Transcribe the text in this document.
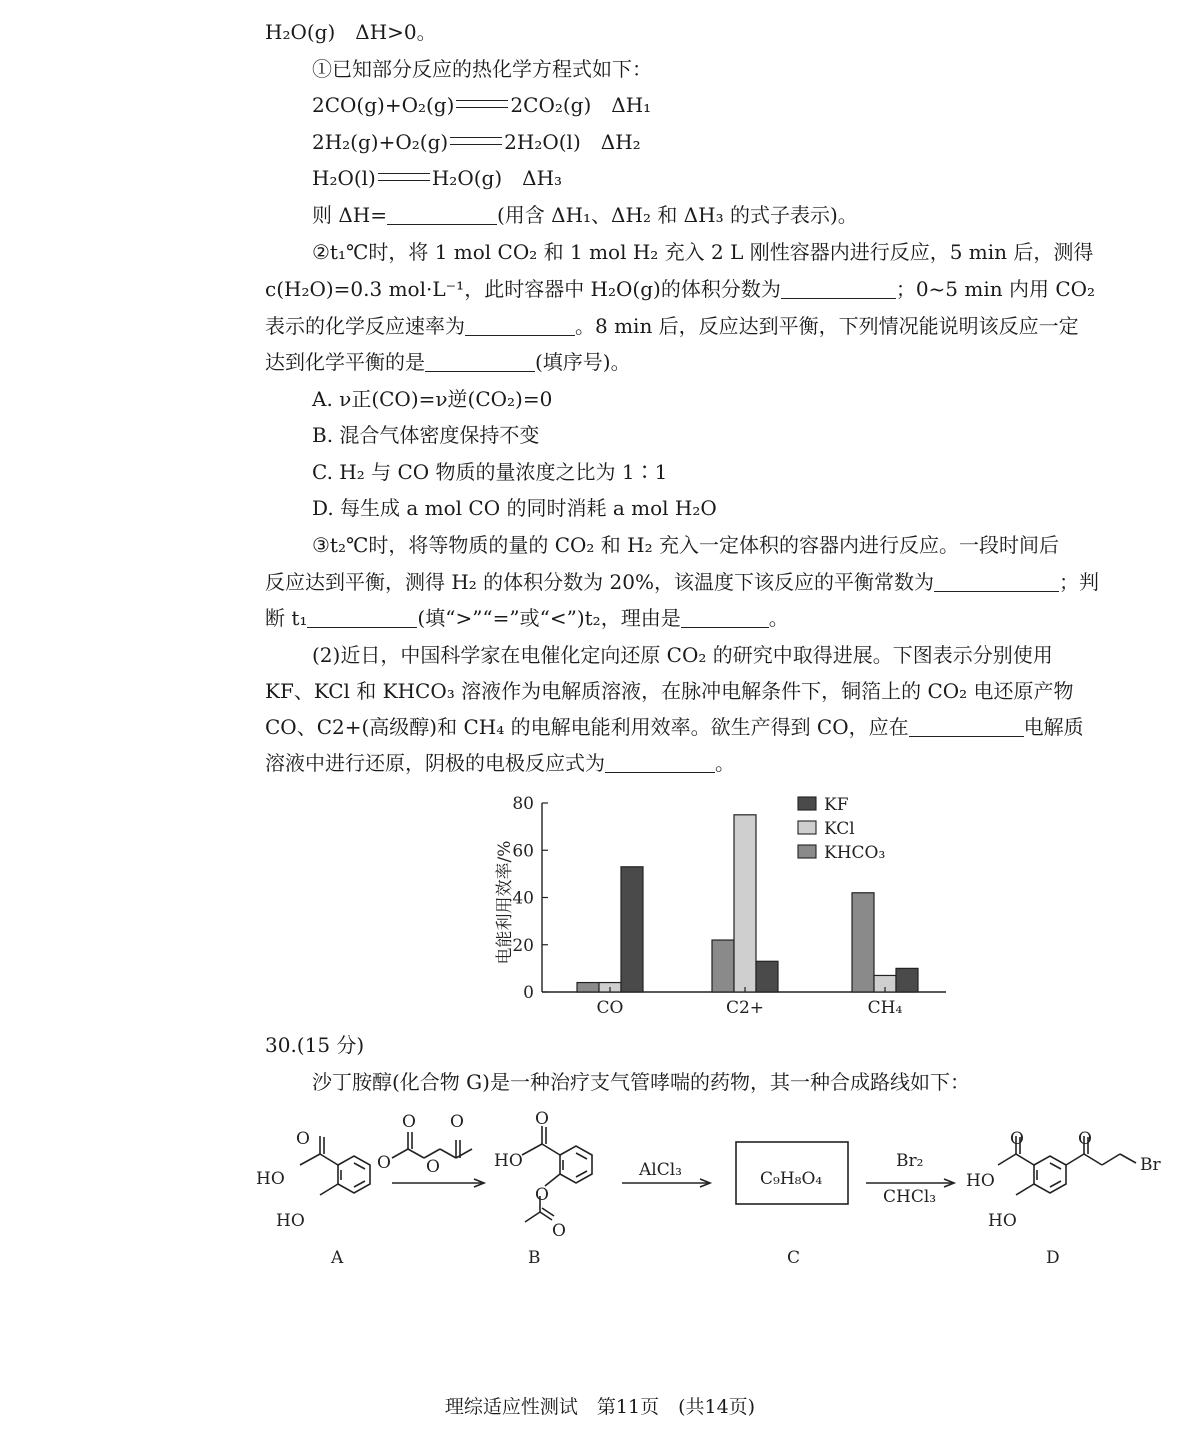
H₂O(g)　ΔH>0。
①已知部分反应的热化学方程式如下：
2CO(g)+O₂(g)	2CO₂(g)　ΔH₁
2H₂(g)+O₂(g)	2H₂O(l)　ΔH₂
H₂O(l)	H₂O(g)　ΔH₃
则 ΔH=	(用含 ΔH₁、ΔH₂ 和 ΔH₃ 的式子表示)。
②t₁℃时，将 1 mol CO₂ 和 1 mol H₂ 充入 2 L 刚性容器内进行反应，5 min 后，测得
c(H₂O)=0.3 mol·L⁻¹，此时容器中 H₂O(g)的体积分数为	；0~5 min 内用 CO₂
表示的化学反应速率为	。8 min 后，反应达到平衡，下列情况能说明该反应一定
达到化学平衡的是	(填序号)。
A. ν正(CO)=ν逆(CO₂)=0
B. 混合气体密度保持不变
C. H₂ 与 CO 物质的量浓度之比为 1∶1
D. 每生成 a mol CO 的同时消耗 a mol H₂O
③t₂℃时，将等物质的量的 CO₂ 和 H₂ 充入一定体积的容器内进行反应。一段时间后
反应达到平衡，测得 H₂ 的体积分数为 20%，该温度下该反应的平衡常数为	；判
断 t₁	(填“>”“=”或“<”)t₂，理由是	。
(2)近日，中国科学家在电催化定向还原 CO₂ 的研究中取得进展。下图表示分别使用
KF、KCl 和 KHCO₃ 溶液作为电解质溶液，在脉冲电解条件下，铜箔上的 CO₂ 电还原产物
CO、C2+(高级醇)和 CH₄ 的电解电能利用效率。欲生产得到 CO，应在	电解质
溶液中进行还原，阴极的电极反应式为	。
0
20
40
60
80
电能利用效率/%
CO	C2+	CH₄
KF
KCl
KHCO₃
30.(15 分)
沙丁胺醇(化合物 G)是一种治疗支气管哮喘的药物，其一种合成路线如下：
O
HO
HO
O
O O
O	O
HO
O
O
AlCl₃	C₉H₈O₄
Br₂
CHCl₃
O
HO
HO
O
Br
A	B	C	D
理综适应性测试　第11页　(共14页)
